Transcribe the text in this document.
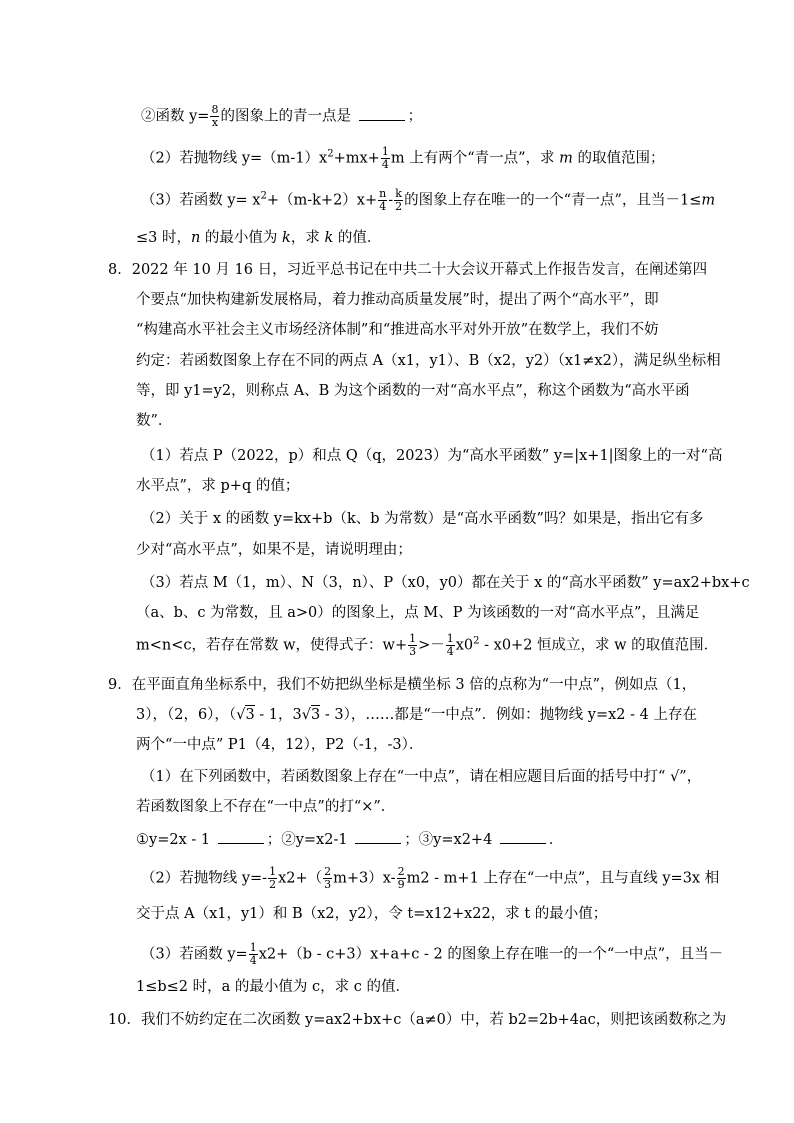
②函数 $y= \frac{8}{x}$ 的图象上的青一点是	；
（2）若抛物线 $y=(m-1)x^2+mx+ \frac{1}{4}$ m 上有两个“青一点”，求 m 的取值范围；
（3）若函数 $y= x^2+(m-k+2)x+ \frac{n}{4} - \frac{k}{2}$ 的图象上存在唯一的一个“青一点”，且当－1≤m
≤3 时，n 的最小值为 k，求 k 的值．
8．2022 年 10 月 16 日，习近平总书记在中共二十大会议开幕式上作报告发言，在阐述第四
个要点“加快构建新发展格局，着力推动高质量发展”时，提出了两个“高水平”，即
“构建高水平社会主义市场经济体制”和“推进高水平对外开放”在数学上，我们不妨
约定：若函数图象上存在不同的两点 A（x1，y1）、B（x2，y2）（x1≠x2），满足纵坐标相
等，即 y1=y2，则称点 A、B 为这个函数的一对“高水平点”，称这个函数为“高水平函
数”．
（1）若点 P（2022，p）和点 Q（q，2023）为“高水平函数” y=|x+1|图象上的一对“高
水平点”，求 p+q 的值；
（2）关于 x 的函数 y=kx+b（k、b 为常数）是“高水平函数”吗？如果是，指出它有多
少对“高水平点”，如果不是，请说明理由；
（3）若点 M（1，m）、N（3，n）、P（x0，y0）都在关于 x 的“高水平函数” y=ax2+bx+c
（a、b、c 为常数，且 a>0）的图象上，点 M、P 为该函数的一对“高水平点”，且满足
m<n<c，若存在常数 w，使得式子：$w+ \frac{1}{3} >- \frac{1}{4} x0^2 - x0+2$ 恒成立，求 w 的取值范围．
9．在平面直角坐标系中，我们不妨把纵坐标是横坐标 3 倍的点称为“一中点”，例如点（1，
3），（2，6），（√3 - 1，3√3 - 3），……都是“一中点”．例如：抛物线 y=x2 - 4 上存在
两个“一中点” P1（4，12），P2（-1，-3）．
（1）在下列函数中，若函数图象上存在“一中点”，请在相应题目后面的括号中打“ √”，
若函数图象上不存在“一中点”的打“×”．
①y=2x - 1	；②y=x2-1	；③y=x2+4	．
（2）若抛物线 $y=- \frac{1}{2} x2+( \frac{2}{3} m+3)x- \frac{2}{9} m2 - m+1$ 上存在“一中点”，且与直线 y=3x 相
交于点 A（x1，y1）和 B（x2，y2），令 t=x12+x22，求 t 的最小值；
（3）若函数 $y= \frac{1}{4} x2+(b - c+3)x+a+c - 2$ 的图象上存在唯一的一个“一中点”，且当－
1≤b≤2 时，a 的最小值为 c，求 c 的值．
10．我们不妨约定在二次函数 y=ax2+bx+c（a≠0）中，若 b2=2b+4ac，则把该函数称之为
